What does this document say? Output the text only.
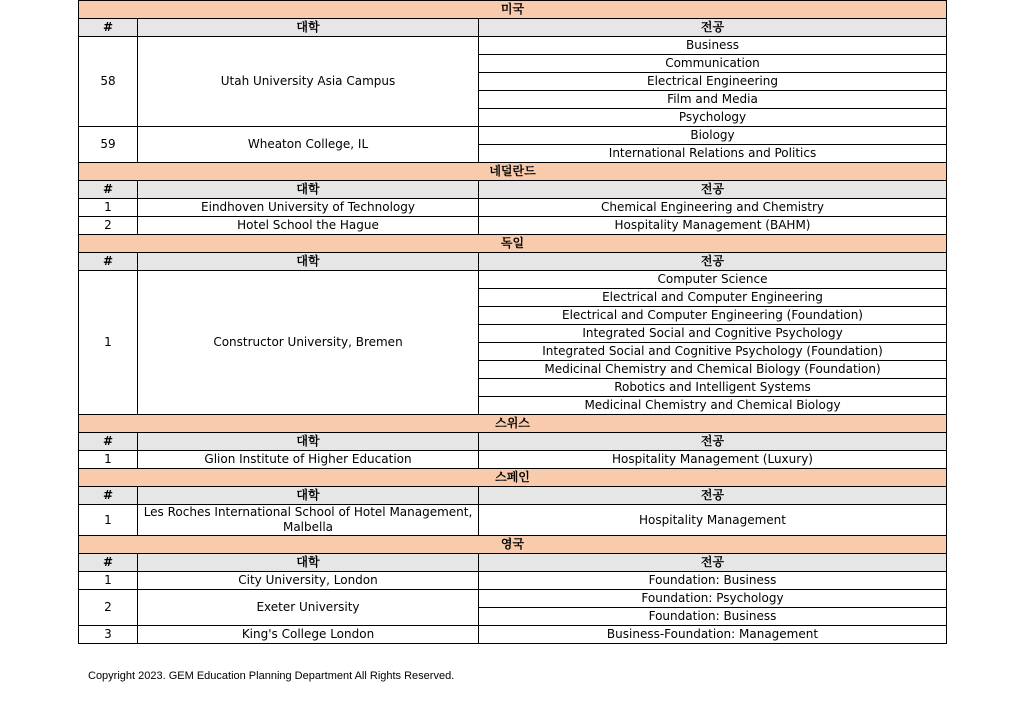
미국		
#	대학	전공
58	Utah University Asia Campus	Business
		Communication
		Electrical Engineering
		Film and Media
		Psychology
59	Wheaton College, IL	Biology
		International Relations and Politics
네덜란드		
#	대학	전공
1	Eindhoven University of Technology	Chemical Engineering and Chemistry
2	Hotel School the Hague	Hospitality Management (BAHM)
독일		
#	대학	전공
1	Constructor University, Bremen	Computer Science
		Electrical and Computer Engineering
		Electrical and Computer Engineering (Foundation)
		Integrated Social and Cognitive Psychology
		Integrated Social and Cognitive Psychology (Foundation)
		Medicinal Chemistry and Chemical Biology (Foundation)
		Robotics and Intelligent Systems
		Medicinal Chemistry and Chemical Biology
스위스		
#	대학	전공
1	Glion Institute of Higher Education	Hospitality Management (Luxury)
스페인		
#	대학	전공
1	Les Roches International School of Hotel Management, Malbella	Hospitality Management
영국		
#	대학	전공
1	City University, London	Foundation: Business
2	Exeter University	Foundation: Psychology
		Foundation: Business
3	King's College London	Business-Foundation: Management
Copyright 2023. GEM Education Planning Department All Rights Reserved.
